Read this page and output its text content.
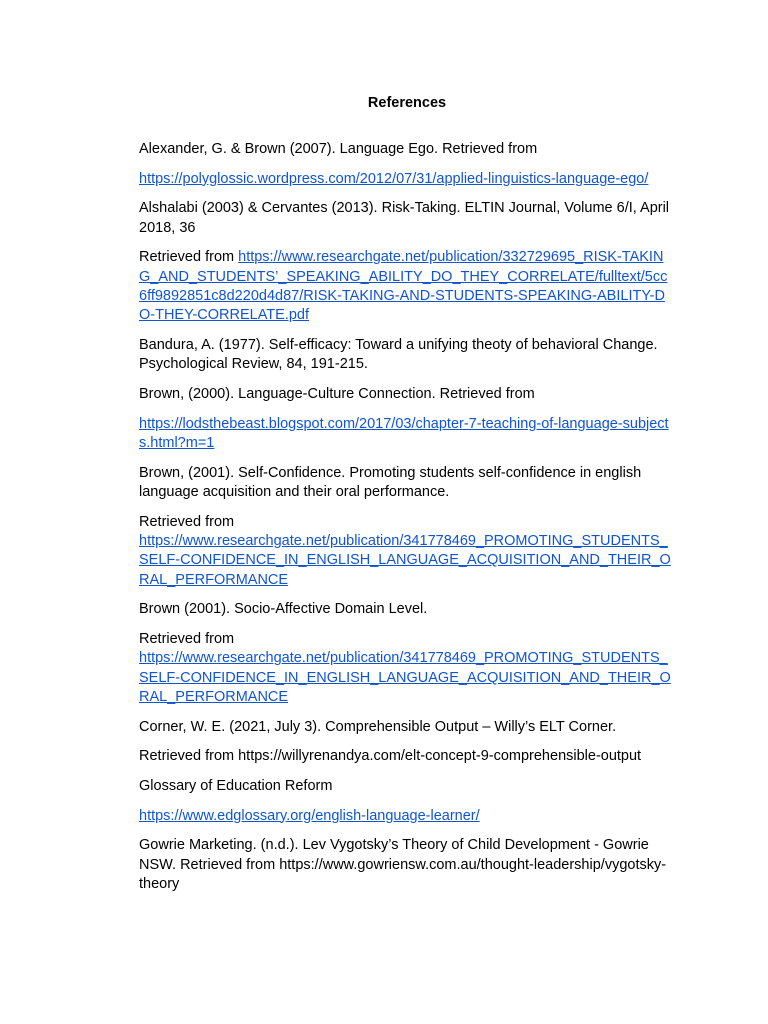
References

Alexander, G. & Brown (2007). Language Ego. Retrieved from

https://polyglossic.wordpress.com/2012/07/31/applied-linguistics-language-ego/

Alshalabi (2003) & Cervantes (2013). Risk-Taking. ELTIN Journal, Volume 6/I, April 2018, 36

Retrieved from https://www.researchgate.net/publication/332729695_RISK-TAKING_AND_STUDENTS’_SPEAKING_ABILITY_DO_THEY_CORRELATE/fulltext/5cc6ff9892851c8d220d4d87/RISK-TAKING-AND-STUDENTS-SPEAKING-ABILITY-DO-THEY-CORRELATE.pdf

Bandura, A. (1977). Self-efficacy: Toward a unifying theoty of behavioral Change. Psychological Review, 84, 191-215.

Brown, (2000). Language-Culture Connection. Retrieved from

https://lodsthebeast.blogspot.com/2017/03/chapter-7-teaching-of-language-subjects.html?m=1

Brown, (2001). Self-Confidence. Promoting students self-confidence in english language acquisition and their oral performance.

Retrieved from
https://www.researchgate.net/publication/341778469_PROMOTING_STUDENTS_SELF-CONFIDENCE_IN_ENGLISH_LANGUAGE_ACQUISITION_AND_THEIR_ORAL_PERFORMANCE

Brown (2001). Socio-Affective Domain Level.

Retrieved from
https://www.researchgate.net/publication/341778469_PROMOTING_STUDENTS_SELF-CONFIDENCE_IN_ENGLISH_LANGUAGE_ACQUISITION_AND_THEIR_ORAL_PERFORMANCE

Corner, W. E. (2021, July 3). Comprehensible Output – Willy’s ELT Corner.

Retrieved from https://willyrenandya.com/elt-concept-9-comprehensible-output

Glossary of Education Reform

https://www.edglossary.org/english-language-learner/

Gowrie Marketing. (n.d.). Lev Vygotsky’s Theory of Child Development - Gowrie NSW. Retrieved from https://www.gowriensw.com.au/thought-leadership/vygotsky-theory
